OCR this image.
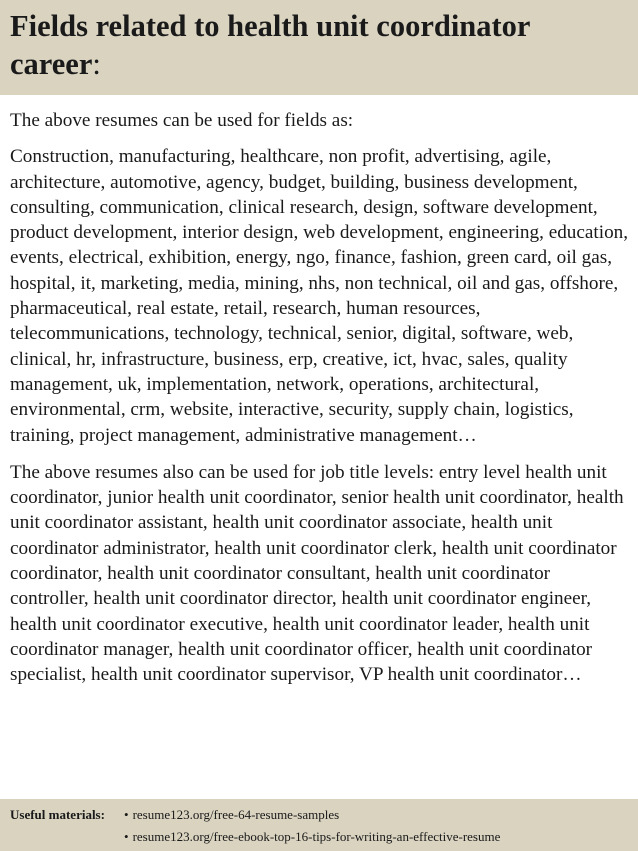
Fields related to health unit coordinator career:

The above resumes can be used for fields as:

Construction, manufacturing, healthcare, non profit, advertising, agile, architecture, automotive, agency, budget, building, business development, consulting, communication, clinical research, design, software development, product development, interior design, web development, engineering, education, events, electrical, exhibition, energy, ngo, finance, fashion, green card, oil gas, hospital, it, marketing, media, mining, nhs, non technical, oil and gas, offshore, pharmaceutical, real estate, retail, research, human resources, telecommunications, technology, technical, senior, digital, software, web, clinical, hr, infrastructure, business, erp, creative, ict, hvac, sales, quality management, uk, implementation, network, operations, architectural, environmental, crm, website, interactive, security, supply chain, logistics, training, project management, administrative management…

The above resumes also can be used for job title levels: entry level health unit coordinator, junior health unit coordinator, senior health unit coordinator, health unit coordinator assistant, health unit coordinator associate, health unit coordinator administrator, health unit coordinator clerk, health unit coordinator coordinator, health unit coordinator consultant, health unit coordinator controller, health unit coordinator director, health unit coordinator engineer, health unit coordinator executive, health unit coordinator leader, health unit coordinator manager, health unit coordinator officer, health unit coordinator specialist, health unit coordinator supervisor, VP health unit coordinator…

Useful materials:	• resume123.org/free-64-resume-samples
• resume123.org/free-ebook-top-16-tips-for-writing-an-effective-resume
